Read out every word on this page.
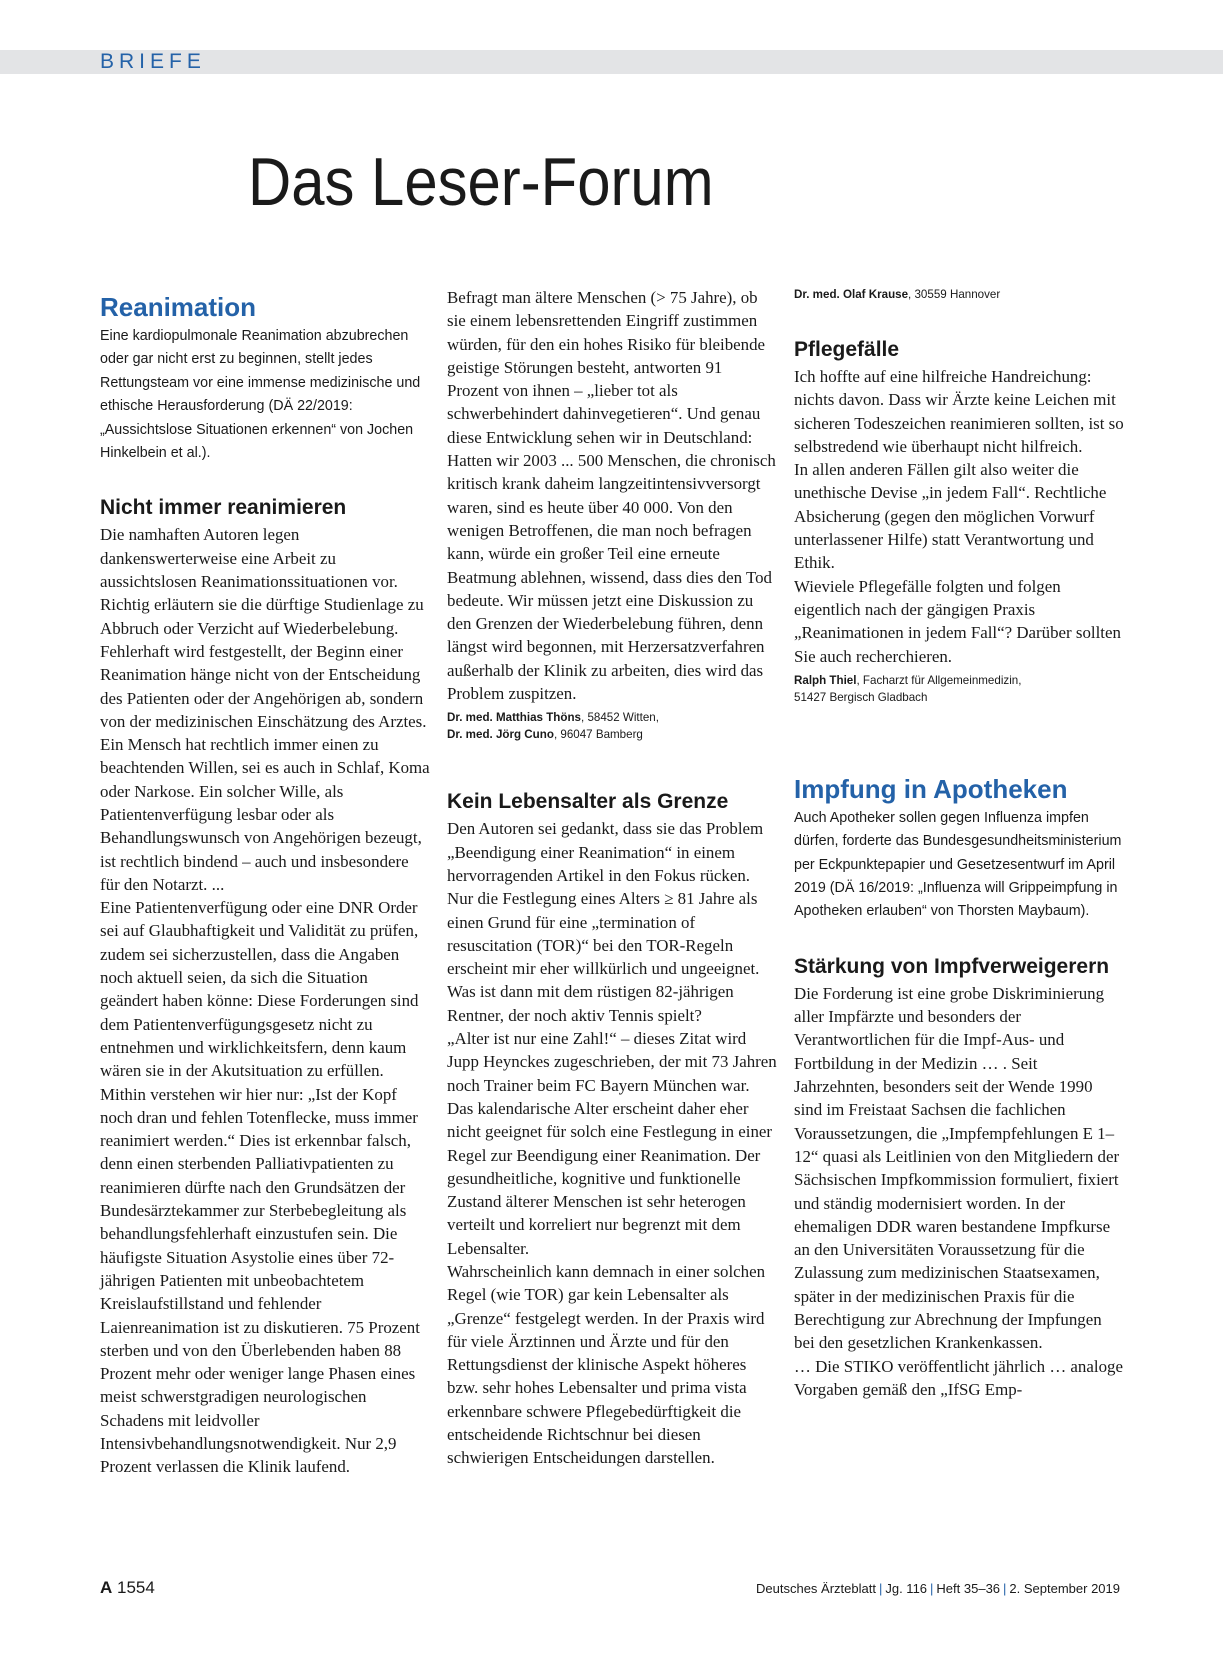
BRIEFE
Das Leser-Forum
Reanimation

Eine kardiopulmonale Reanimation abzubrechen oder gar nicht erst zu beginnen, stellt jedes Rettungsteam vor eine immense medizinische und ethische Herausforderung (DÄ 22/2019: „Aussichtslose Situationen erkennen“ von Jochen Hinkelbein et al.).

Nicht immer reanimieren

Die namhaften Autoren legen dankenswerterweise eine Arbeit zu aussichtslosen Reanimationssituationen vor. Richtig erläutern sie die dürftige Studienlage zu Abbruch oder Verzicht auf Wiederbelebung. Fehlerhaft wird festgestellt, der Beginn einer Reanimation hänge nicht von der Entscheidung des Patienten oder der Angehörigen ab, sondern von der medizinischen Einschätzung des Arztes. Ein Mensch hat rechtlich immer einen zu beachtenden Willen, sei es auch in Schlaf, Koma oder Narkose. Ein solcher Wille, als Patientenverfügung lesbar oder als Behandlungswunsch von Angehörigen bezeugt, ist rechtlich bindend – auch und insbesondere für den Notarzt. ...
Eine Patientenverfügung oder eine DNR Order sei auf Glaubhaftigkeit und Validität zu prüfen, zudem sei sicherzustellen, dass die Angaben noch aktuell seien, da sich die Situation geändert haben könne: Diese Forderungen sind dem Patientenverfügungsgesetz nicht zu entnehmen und wirklichkeitsfern, denn kaum wären sie in der Akutsituation zu erfüllen. Mithin verstehen wir hier nur: „Ist der Kopf noch dran und fehlen Totenflecke, muss immer reanimiert werden.“ Dies ist erkennbar falsch, denn einen sterbenden Palliativpatienten zu reanimieren dürfte nach den Grundsätzen der Bundesärztekammer zur Sterbebegleitung als behandlungsfehlerhaft einzustufen sein. Die häufigste Situation Asystolie eines über 72-jährigen Patienten mit unbeobachtetem Kreislaufstillstand und fehlender Laienreanimation ist zu diskutieren. 75 Prozent sterben und von den Überlebenden haben 88 Prozent mehr oder weniger lange Phasen eines meist schwerstgradigen neurologischen Schadens mit leidvoller Intensivbehandlungsnotwendigkeit. Nur 2,9 Prozent verlassen die Klinik laufend.

Befragt man ältere Menschen (> 75 Jahre), ob sie einem lebensrettenden Eingriff zustimmen würden, für den ein hohes Risiko für bleibende geistige Störungen besteht, antworten 91 Prozent von ihnen – „lieber tot als schwerbehindert dahinvegetieren“. Und genau diese Entwicklung sehen wir in Deutschland: Hatten wir 2003 ... 500 Menschen, die chronisch kritisch krank daheim langzeitintensivversorgt waren, sind es heute über 40 000. Von den wenigen Betroffenen, die man noch befragen kann, würde ein großer Teil eine erneute Beatmung ablehnen, wissend, dass dies den Tod bedeute. Wir müssen jetzt eine Diskussion zu den Grenzen der Wiederbelebung führen, denn längst wird begonnen, mit Herzersatzverfahren außerhalb der Klinik zu arbeiten, dies wird das Problem zuspitzen.

Dr. med. Matthias Thöns, 58452 Witten,
Dr. med. Jörg Cuno, 96047 Bamberg

Kein Lebensalter als Grenze

Den Autoren sei gedankt, dass sie das Problem „Beendigung einer Reanimation“ in einem hervorragenden Artikel in den Fokus rücken. Nur die Festlegung eines Alters ≥ 81 Jahre als einen Grund für eine „termination of resuscitation (TOR)“ bei den TOR-Regeln erscheint mir eher willkürlich und ungeeignet. Was ist dann mit dem rüstigen 82-jährigen Rentner, der noch aktiv Tennis spielt?
„Alter ist nur eine Zahl!“ – dieses Zitat wird Jupp Heynckes zugeschrieben, der mit 73 Jahren noch Trainer beim FC Bayern München war. Das kalendarische Alter erscheint daher eher nicht geeignet für solch eine Festlegung in einer Regel zur Beendigung einer Reanimation. Der gesundheitliche, kognitive und funktionelle Zustand älterer Menschen ist sehr heterogen verteilt und korreliert nur begrenzt mit dem Lebensalter.
Wahrscheinlich kann demnach in einer solchen Regel (wie TOR) gar kein Lebensalter als „Grenze“ festgelegt werden. In der Praxis wird für viele Ärztinnen und Ärzte und für den Rettungsdienst der klinische Aspekt höheres bzw. sehr hohes Lebensalter und prima vista erkennbare schwere Pflegebedürftigkeit die entscheidende Richtschnur bei diesen schwierigen Entscheidungen darstellen.

Dr. med. Olaf Krause, 30559 Hannover

Pflegefälle

Ich hoffte auf eine hilfreiche Handreichung: nichts davon. Dass wir Ärzte keine Leichen mit sicheren Todeszeichen reanimieren sollten, ist so selbstredend wie überhaupt nicht hilfreich.
In allen anderen Fällen gilt also weiter die unethische Devise „in jedem Fall“. Rechtliche Absicherung (gegen den möglichen Vorwurf unterlassener Hilfe) statt Verantwortung und Ethik.
Wieviele Pflegefälle folgten und folgen eigentlich nach der gängigen Praxis „Reanimationen in jedem Fall“? Darüber sollten Sie auch recherchieren.

Ralph Thiel, Facharzt für Allgemeinmedizin,
51427 Bergisch Gladbach

Impfung in Apotheken

Auch Apotheker sollen gegen Influenza impfen dürfen, forderte das Bundesgesundheitsministerium per Eckpunktepapier und Gesetzesentwurf im April 2019 (DÄ 16/2019: „Influenza will Grippeimpfung in Apotheken erlauben“ von Thorsten Maybaum).

Stärkung von Impfverweigerern

Die Forderung ist eine grobe Diskriminierung aller Impfärzte und besonders der Verantwortlichen für die Impf-Aus- und Fortbildung in der Medizin … . Seit Jahrzehnten, besonders seit der Wende 1990 sind im Freistaat Sachsen die fachlichen Voraussetzungen, die „Impfempfehlungen E 1–12“ quasi als Leitlinien von den Mitgliedern der Sächsischen Impfkommission formuliert, fixiert und ständig modernisiert worden. In der ehemaligen DDR waren bestandene Impfkurse an den Universitäten Voraussetzung für die Zulassung zum medizinischen Staatsexamen, später in der medizinischen Praxis für die Berechtigung zur Abrechnung der Impfungen bei den gesetzlichen Krankenkassen.
… Die STIKO veröffentlicht jährlich … analoge Vorgaben gemäß den „IfSG Emp-

A 1554	Deutsches Ärzteblatt | Jg. 116 | Heft 35–36 | 2. September 2019
